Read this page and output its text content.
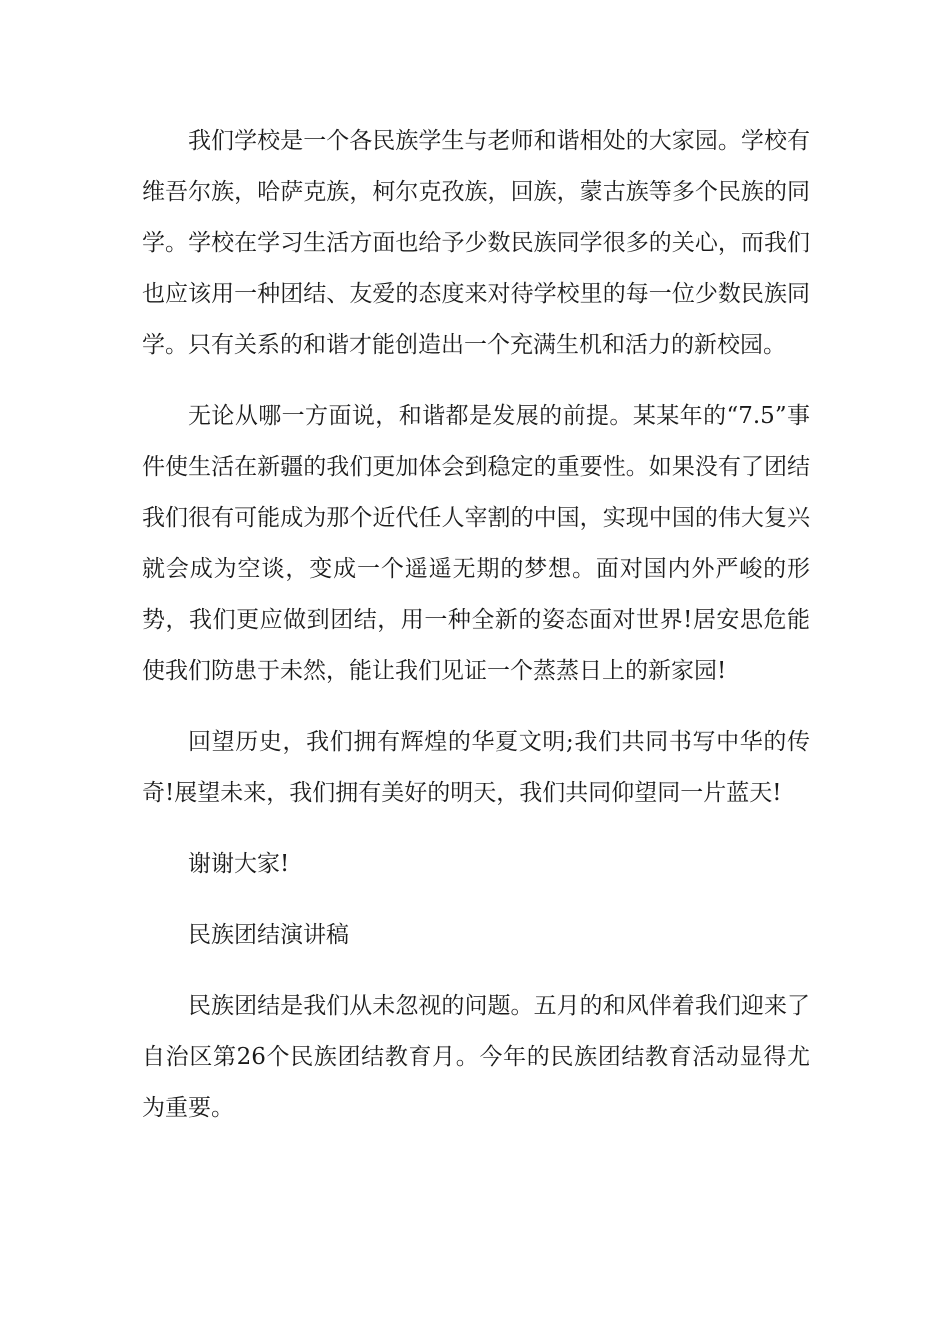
我们学校是一个各民族学生与老师和谐相处的大家园。学校有维吾尔族，哈萨克族，柯尔克孜族，回族，蒙古族等多个民族的同学。学校在学习生活方面也给予少数民族同学很多的关心，而我们也应该用一种团结、友爱的态度来对待学校里的每一位少数民族同学。只有关系的和谐才能创造出一个充满生机和活力的新校园。

无论从哪一方面说，和谐都是发展的前提。某某年的“7.5”事件使生活在新疆的我们更加体会到稳定的重要性。如果没有了团结我们很有可能成为那个近代任人宰割的中国，实现中国的伟大复兴就会成为空谈，变成一个遥遥无期的梦想。面对国内外严峻的形势，我们更应做到团结，用一种全新的姿态面对世界!居安思危能使我们防患于未然，能让我们见证一个蒸蒸日上的新家园!

回望历史，我们拥有辉煌的华夏文明;我们共同书写中华的传奇!展望未来，我们拥有美好的明天，我们共同仰望同一片蓝天!

谢谢大家!

民族团结演讲稿

民族团结是我们从未忽视的问题。五月的和风伴着我们迎来了自治区第26个民族团结教育月。今年的民族团结教育活动显得尤为重要。
